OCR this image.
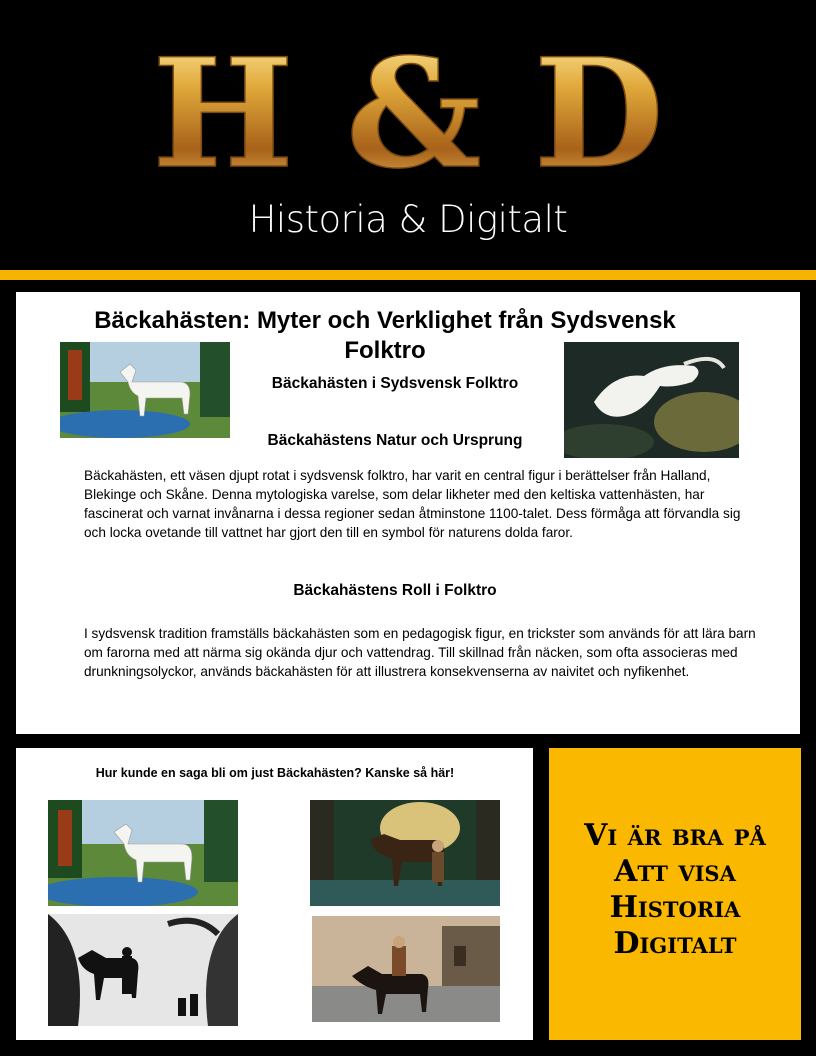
H & D
Historia & Digitalt
Bäckahästen: Myter och Verklighet från Sydsvensk Folktro
Bäckahästen i Sydsvensk Folktro
Bäckahästens Natur och Ursprung
Bäckahästen, ett väsen djupt rotat i sydsvensk folktro, har varit en central figur i berättelser från Halland, Blekinge och Skåne. Denna mytologiska varelse, som delar likheter med den keltiska vattenhästen, har fascinerat och varnat invånarna i dessa regioner sedan åtminstone 1100-talet. Dess förmåga att förvandla sig och locka ovetande till vattnet har gjort den till en symbol för naturens dolda faror.
Bäckahästens Roll i Folktro
I sydsvensk tradition framställs bäckahästen som en pedagogisk figur, en trickster som används för att lära barn om farorna med att närma sig okända djur och vattendrag. Till skillnad från näcken, som ofta associeras med drunkningsolyckor, används bäckahästen för att illustrera konsekvenserna av naivitet och nyfikenhet.
Hur kunde en saga bli om just Bäckahästen? Kanske så här!
Vi är bra på
Att visa
Historia
Digitalt
